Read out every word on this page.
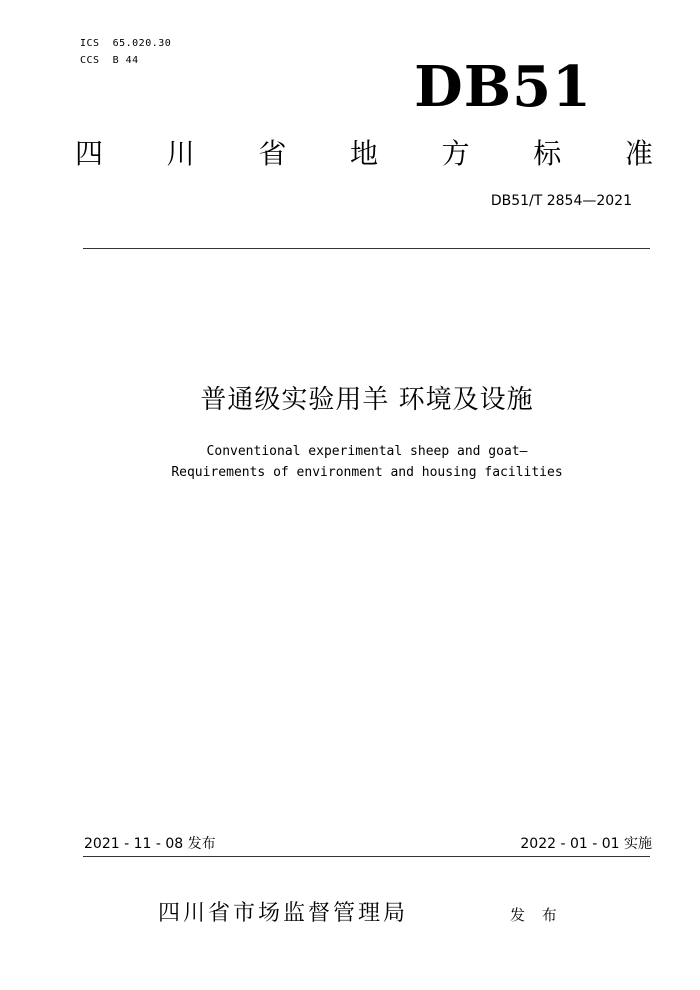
ICS  65.020.30
CCS  B 44	DB51
四 川 省 地 方 标 准
DB51/T 2854—2021
普通级实验用羊 环境及设施
Conventional experimental sheep and goat—
Requirements of environment and housing facilities
2021 - 11 - 08 发布	2022 - 01 - 01 实施
四川省市场监督管理局	发 布
